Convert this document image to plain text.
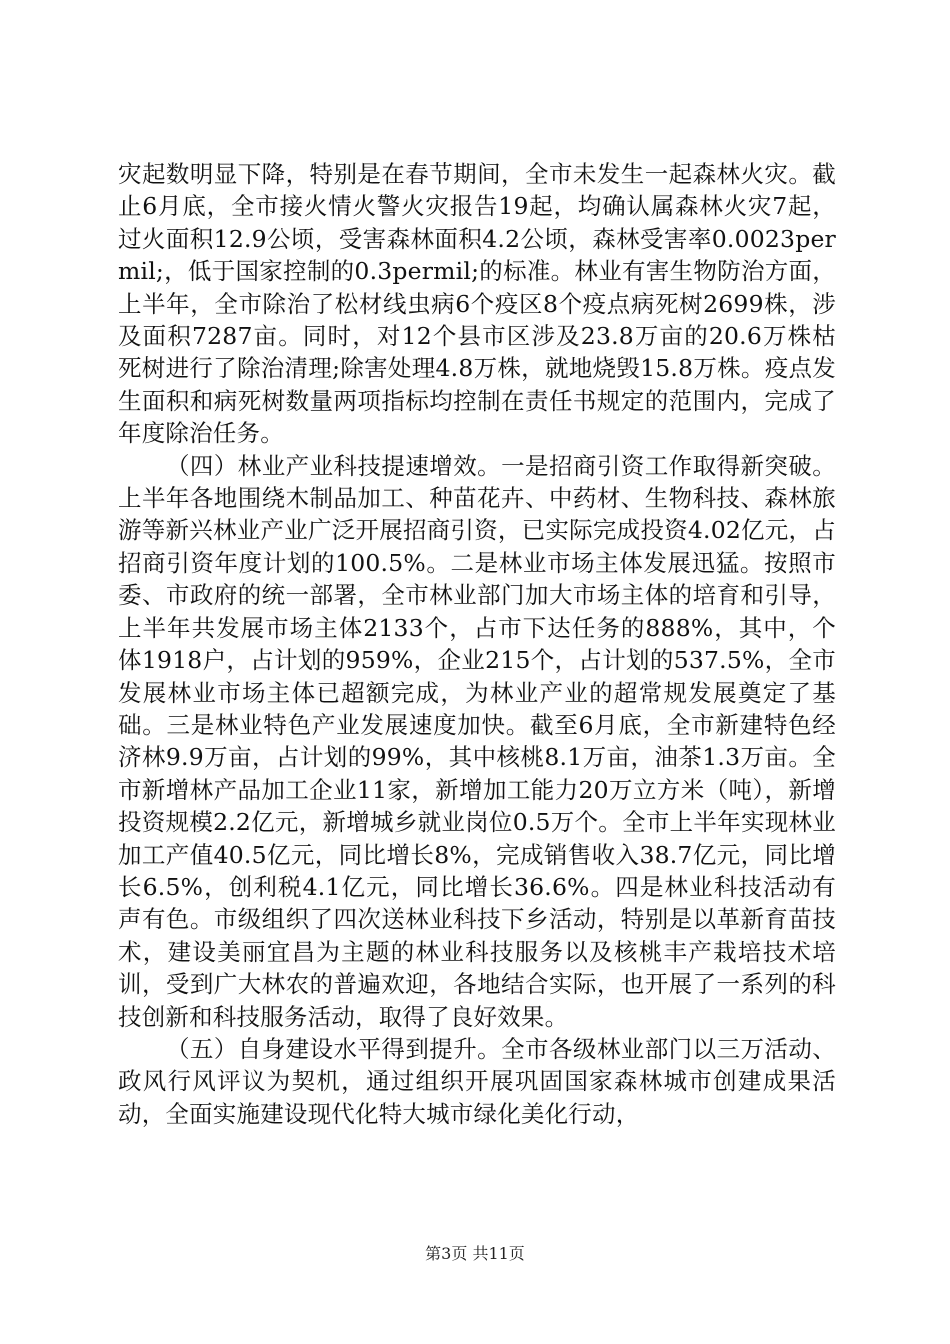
灾起数明显下降，特别是在春节期间，全市未发生一起森林火灾。截止6月底，全市接火情火警火灾报告19起，均确认属森林火灾7起，过火面积12.9公顷，受害森林面积4.2公顷，森林受害率0.0023permil;，低于国家控制的0.3permil;的标准。林业有害生物防治方面，上半年，全市除治了松材线虫病6个疫区8个疫点病死树2699株，涉及面积7287亩。同时，对12个县市区涉及23.8万亩的20.6万株枯死树进行了除治清理;除害处理4.8万株，就地烧毁15.8万株。疫点发生面积和病死树数量两项指标均控制在责任书规定的范围内，完成了年度除治任务。

（四）林业产业科技提速增效。一是招商引资工作取得新突破。上半年各地围绕木制品加工、种苗花卉、中药材、生物科技、森林旅游等新兴林业产业广泛开展招商引资，已实际完成投资4.02亿元，占招商引资年度计划的100.5%。二是林业市场主体发展迅猛。按照市委、市政府的统一部署，全市林业部门加大市场主体的培育和引导，上半年共发展市场主体2133个，占市下达任务的888%，其中，个体1918户，占计划的959%，企业215个，占计划的537.5%，全市发展林业市场主体已超额完成，为林业产业的超常规发展奠定了基础。三是林业特色产业发展速度加快。截至6月底，全市新建特色经济林9.9万亩，占计划的99%，其中核桃8.1万亩，油茶1.3万亩。全市新增林产品加工企业11家，新增加工能力20万立方米（吨），新增投资规模2.2亿元，新增城乡就业岗位0.5万个。全市上半年实现林业加工产值40.5亿元，同比增长8%，完成销售收入38.7亿元，同比增长6.5%，创利税4.1亿元，同比增长36.6%。四是林业科技活动有声有色。市级组织了四次送林业科技下乡活动，特别是以革新育苗技术，建设美丽宜昌为主题的林业科技服务以及核桃丰产栽培技术培训，受到广大林农的普遍欢迎，各地结合实际，也开展了一系列的科技创新和科技服务活动，取得了良好效果。

（五）自身建设水平得到提升。全市各级林业部门以三万活动、政风行风评议为契机，通过组织开展巩固国家森林城市创建成果活动，全面实施建设现代化特大城市绿化美化行动，

第3页 共11页
